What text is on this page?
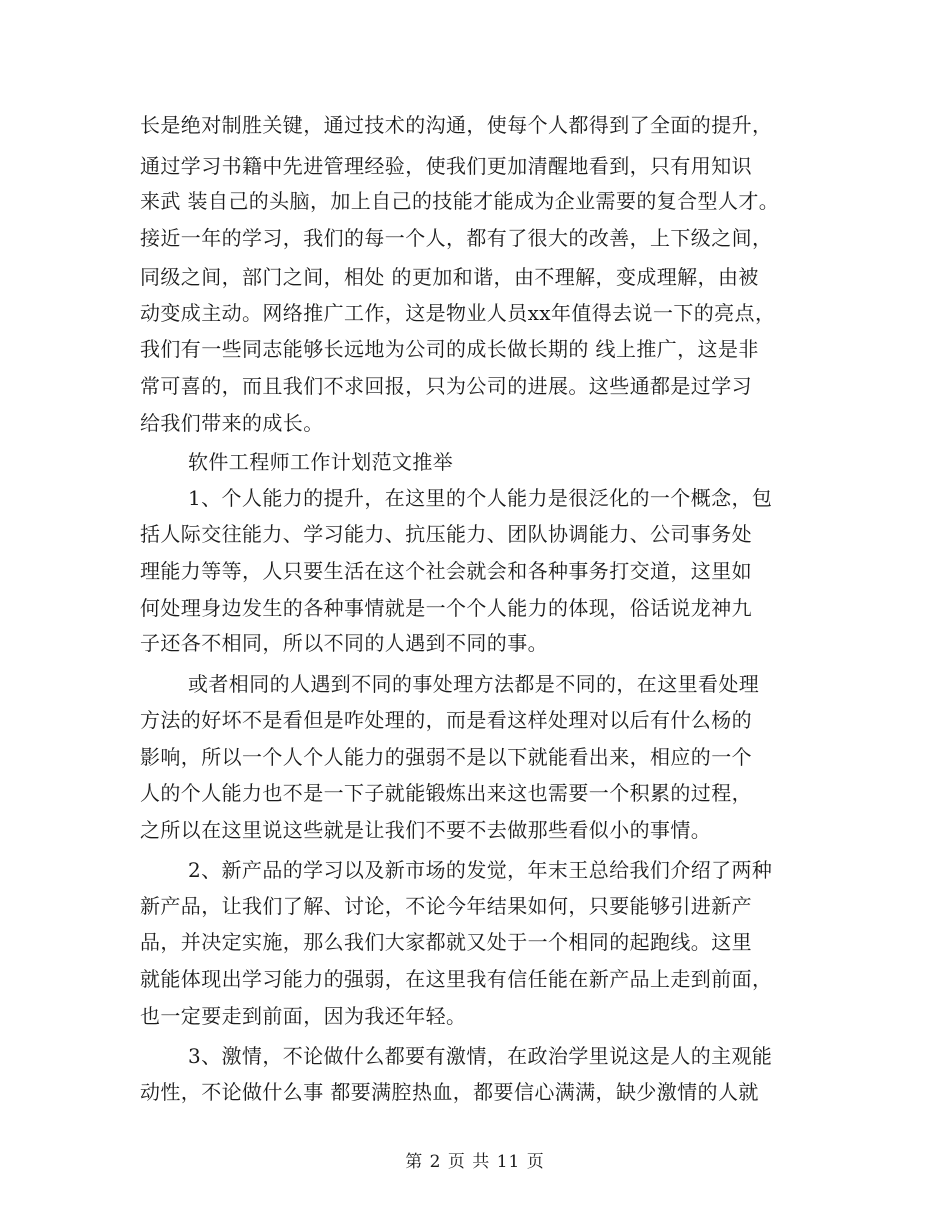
长是绝对制胜关键，通过技术的沟通，使每个人都得到了全面的提升，
通过学习书籍中先进管理经验，使我们更加清醒地看到，只有用知识
来武 装自己的头脑，加上自己的技能才能成为企业需要的复合型人才。
接近一年的学习，我们的每一个人，都有了很大的改善，上下级之间，
同级之间，部门之间，相处 的更加和谐，由不理解，变成理解，由被
动变成主动。网络推广工作，这是物业人员xx年值得去说一下的亮点，
我们有一些同志能够长远地为公司的成长做长期的 线上推广，这是非
常可喜的，而且我们不求回报，只为公司的进展。这些通都是过学习
给我们带来的成长。
软件工程师工作计划范文推举
1、个人能力的提升，在这里的个人能力是很泛化的一个概念，包
括人际交往能力、学习能力、抗压能力、团队协调能力、公司事务处
理能力等等，人只要生活在这个社会就会和各种事务打交道，这里如
何处理身边发生的各种事情就是一个个人能力的体现，俗话说龙神九
子还各不相同，所以不同的人遇到不同的事。
或者相同的人遇到不同的事处理方法都是不同的，在这里看处理
方法的好坏不是看但是咋处理的，而是看这样处理对以后有什么杨的
影响，所以一个人个人能力的强弱不是以下就能看出来，相应的一个
人的个人能力也不是一下子就能锻炼出来这也需要一个积累的过程，
之所以在这里说这些就是让我们不要不去做那些看似小的事情。
2、新产品的学习以及新市场的发觉，年末王总给我们介绍了两种
新产品，让我们了解、讨论，不论今年结果如何，只要能够引进新产
品，并决定实施，那么我们大家都就又处于一个相同的起跑线。这里
就能体现出学习能力的强弱，在这里我有信任能在新产品上走到前面，
也一定要走到前面，因为我还年轻。
3、激情，不论做什么都要有激情，在政治学里说这是人的主观能
动性，不论做什么事 都要满腔热血，都要信心满满，缺少激情的人就
第 2 页 共 11 页
